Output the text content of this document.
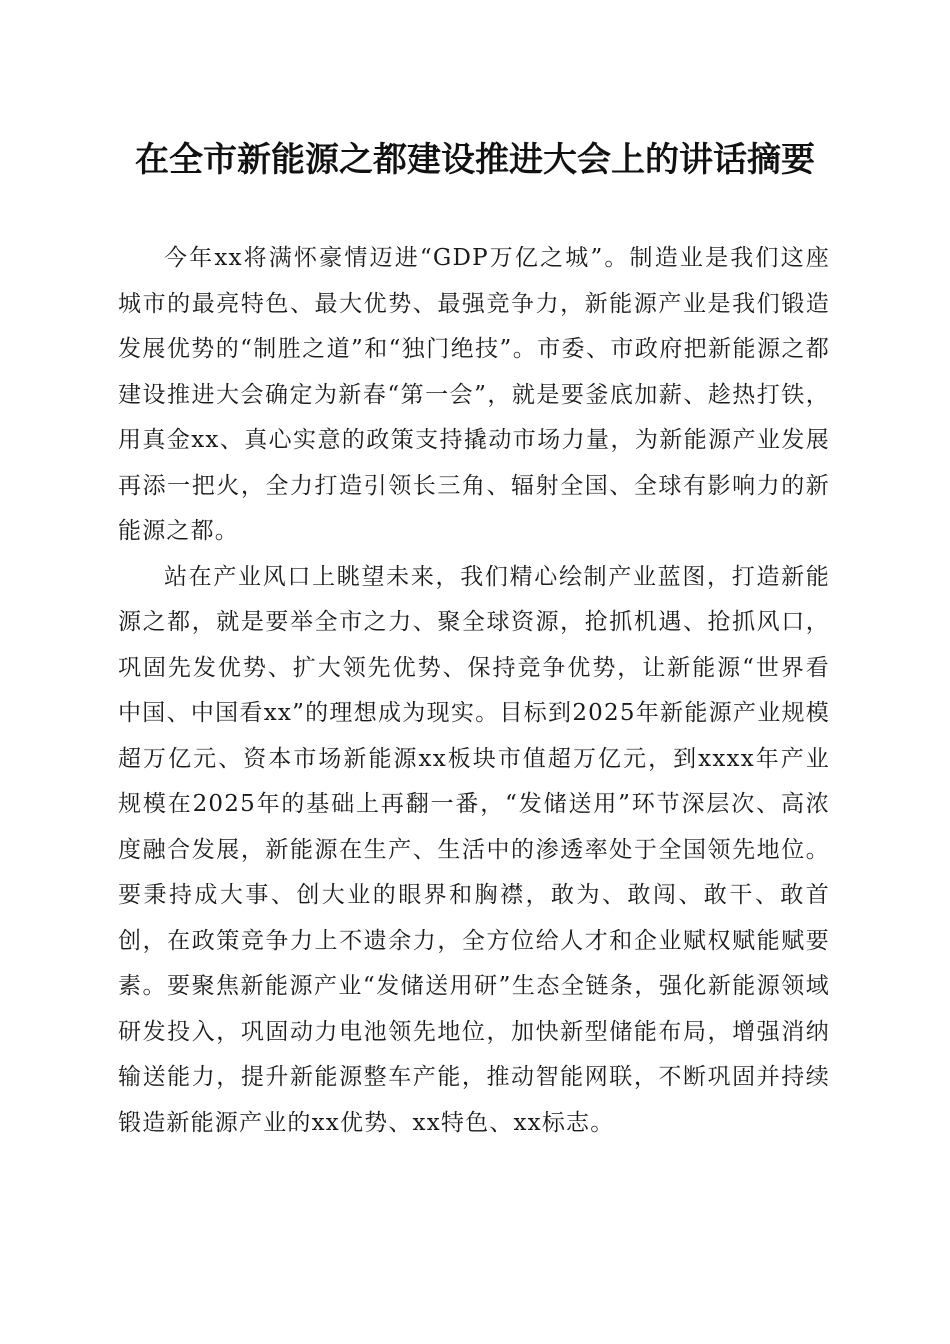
在全市新能源之都建设推进大会上的讲话摘要

今年xx将满怀豪情迈进“GDP万亿之城”。制造业是我们这座城市的最亮特色、最大优势、最强竞争力，新能源产业是我们锻造发展优势的“制胜之道”和“独门绝技”。市委、市政府把新能源之都建设推进大会确定为新春“第一会”，就是要釜底加薪、趁热打铁，用真金xx、真心实意的政策支持撬动市场力量，为新能源产业发展再添一把火，全力打造引领长三角、辐射全国、全球有影响力的新能源之都。

站在产业风口上眺望未来，我们精心绘制产业蓝图，打造新能源之都，就是要举全市之力、聚全球资源，抢抓机遇、抢抓风口，巩固先发优势、扩大领先优势、保持竞争优势，让新能源“世界看中国、中国看xx”的理想成为现实。目标到2025年新能源产业规模超万亿元、资本市场新能源xx板块市值超万亿元，到xxxx年产业规模在2025年的基础上再翻一番，“发储送用”环节深层次、高浓度融合发展，新能源在生产、生活中的渗透率处于全国领先地位。要秉持成大事、创大业的眼界和胸襟，敢为、敢闯、敢干、敢首创，在政策竞争力上不遗余力，全方位给人才和企业赋权赋能赋要素。要聚焦新能源产业“发储送用研”生态全链条，强化新能源领域研发投入，巩固动力电池领先地位，加快新型储能布局，增强消纳输送能力，提升新能源整车产能，推动智能网联，不断巩固并持续锻造新能源产业的xx优势、xx特色、xx标志。
